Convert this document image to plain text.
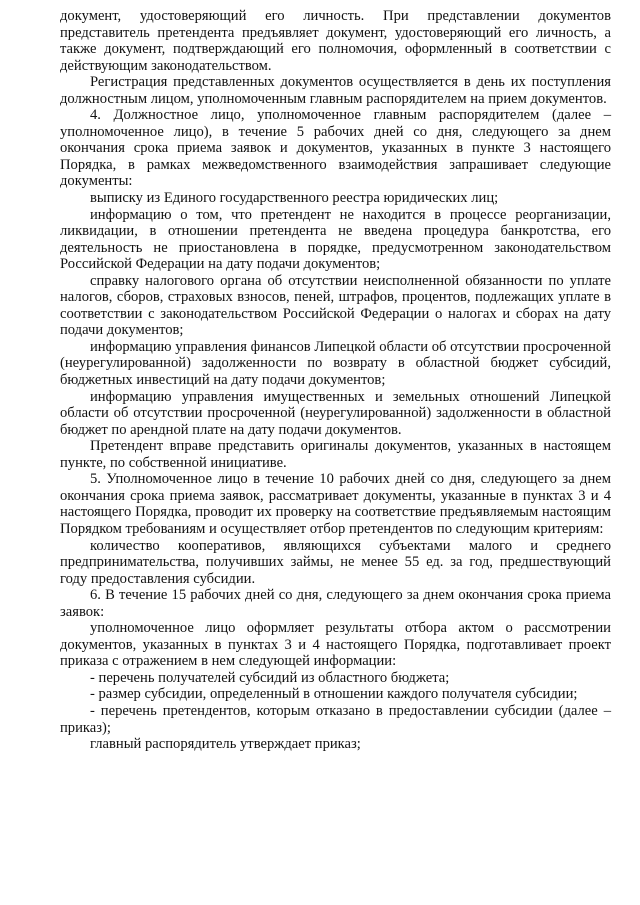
документ, удостоверяющий его личность. При представлении документов представитель претендента предъявляет документ, удостоверяющий его личность, а также документ, подтверждающий его полномочия, оформленный в соответствии с действующим законодательством.

Регистрация представленных документов осуществляется в день их поступления должностным лицом, уполномоченным главным распорядителем на прием документов.

4. Должностное лицо, уполномоченное главным распорядителем (далее – уполномоченное лицо), в течение 5 рабочих дней со дня, следующего за днем окончания срока приема заявок и документов, указанных в пункте 3 настоящего Порядка, в рамках межведомственного взаимодействия запрашивает следующие документы:

выписку из Единого государственного реестра юридических лиц;

информацию о том, что претендент не находится в процессе реорганизации, ликвидации, в отношении претендента не введена процедура банкротства, его деятельность не приостановлена в порядке, предусмотренном законодательством Российской Федерации на дату подачи документов;

справку налогового органа об отсутствии неисполненной обязанности по уплате налогов, сборов, страховых взносов, пеней, штрафов, процентов, подлежащих уплате в соответствии с законодательством Российской Федерации о налогах и сборах на дату подачи документов;

информацию управления финансов Липецкой области об отсутствии просроченной (неурегулированной) задолженности по возврату в областной бюджет субсидий, бюджетных инвестиций на дату подачи документов;

информацию управления имущественных и земельных отношений Липецкой области об отсутствии просроченной (неурегулированной) задолженности в областной бюджет по арендной плате на дату подачи документов.

Претендент вправе представить оригиналы документов, указанных в настоящем пункте, по собственной инициативе.

5. Уполномоченное лицо в течение 10 рабочих дней со дня, следующего за днем окончания срока приема заявок, рассматривает документы, указанные в пунктах 3 и 4 настоящего Порядка, проводит их проверку на соответствие предъявляемым настоящим Порядком требованиям и осуществляет отбор претендентов по следующим критериям:

количество кооперативов, являющихся субъектами малого и среднего предпринимательства, получивших займы, не менее 55 ед. за год, предшествующий году предоставления субсидии.

6. В течение 15 рабочих дней со дня, следующего за днем окончания срока приема заявок:

уполномоченное лицо оформляет результаты отбора актом о рассмотрении документов, указанных в пунктах 3 и 4 настоящего Порядка, подготавливает проект приказа с отражением в нем следующей информации:

- перечень получателей субсидий из областного бюджета;

- размер субсидии, определенный в отношении каждого получателя субсидии;

- перечень претендентов, которым отказано в предоставлении субсидии (далее – приказ);

главный распорядитель утверждает приказ;
